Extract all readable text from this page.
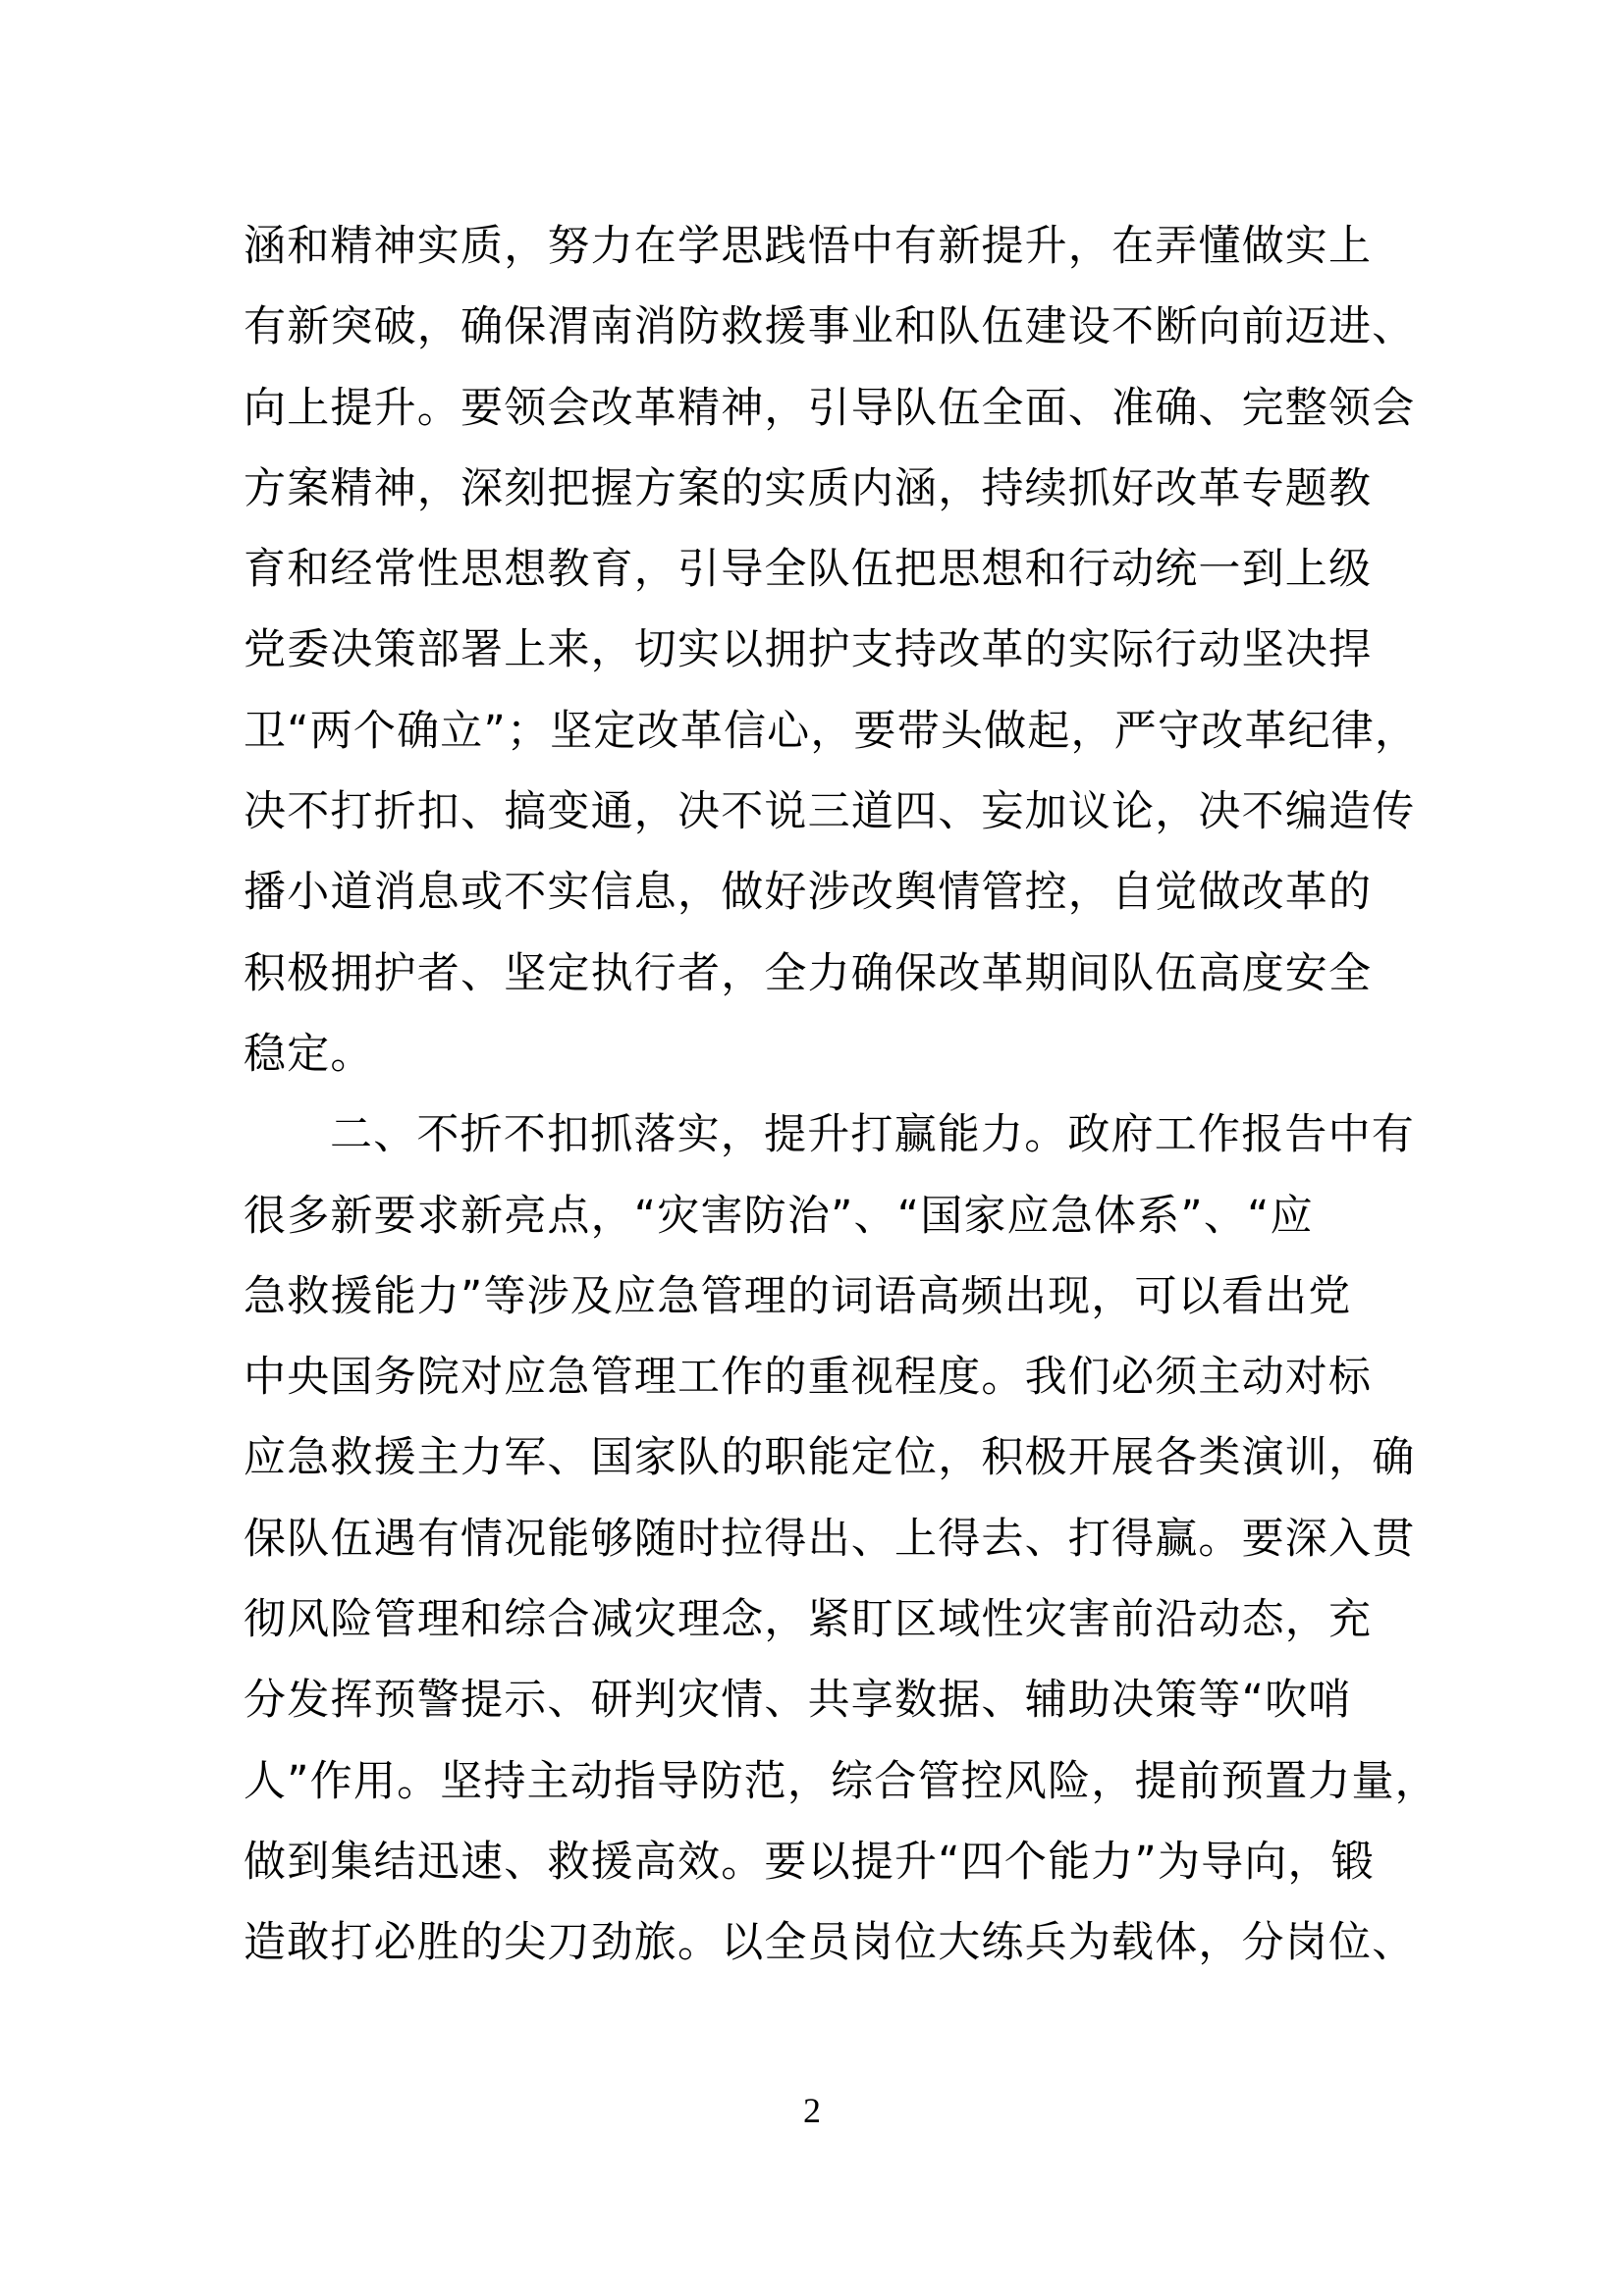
涵和精神实质，努力在学思践悟中有新提升，在弄懂做实上
有新突破，确保渭南消防救援事业和队伍建设不断向前迈进、
向上提升。要领会改革精神，引导队伍全面、准确、完整领会
方案精神，深刻把握方案的实质内涵，持续抓好改革专题教
育和经常性思想教育，引导全队伍把思想和行动统一到上级
党委决策部署上来，切实以拥护支持改革的实际行动坚决捍
卫“两个确立”；坚定改革信心，要带头做起，严守改革纪律，
决不打折扣、搞变通，决不说三道四、妄加议论，决不编造传
播小道消息或不实信息，做好涉改舆情管控，自觉做改革的
积极拥护者、坚定执行者，全力确保改革期间队伍高度安全
稳定。
二、不折不扣抓落实，提升打赢能力。政府工作报告中有
很多新要求新亮点，“灾害防治”、“国家应急体系”、“应
急救援能力”等涉及应急管理的词语高频出现，可以看出党
中央国务院对应急管理工作的重视程度。我们必须主动对标
应急救援主力军、国家队的职能定位，积极开展各类演训，确
保队伍遇有情况能够随时拉得出、上得去、打得赢。要深入贯
彻风险管理和综合减灾理念，紧盯区域性灾害前沿动态，充
分发挥预警提示、研判灾情、共享数据、辅助决策等“吹哨
人”作用。坚持主动指导防范，综合管控风险，提前预置力量，
做到集结迅速、救援高效。要以提升“四个能力”为导向，锻
造敢打必胜的尖刀劲旅。以全员岗位大练兵为载体，分岗位、
2
